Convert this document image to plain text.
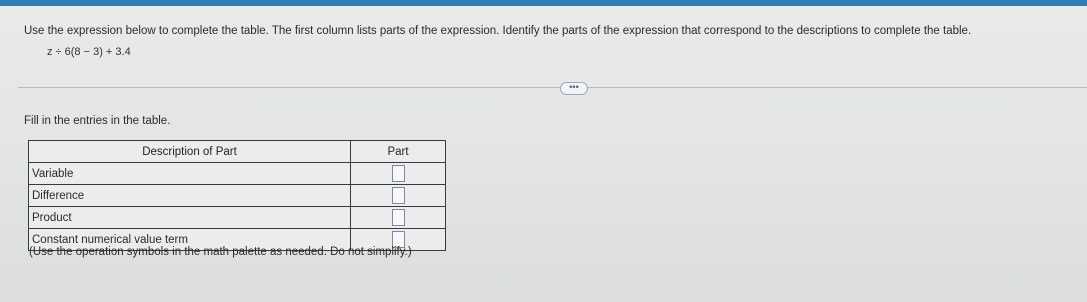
Use the expression below to complete the table. The first column lists parts of the expression. Identify the parts of the expression that correspond to the descriptions to complete the table.
z ÷ 6(8 − 3) + 3.4
•••
Fill in the entries in the table.
Description of Part	Part
Variable	
Difference	
Product	
Constant numerical value term	
(Use the operation symbols in the math palette as needed. Do not simplify.)
